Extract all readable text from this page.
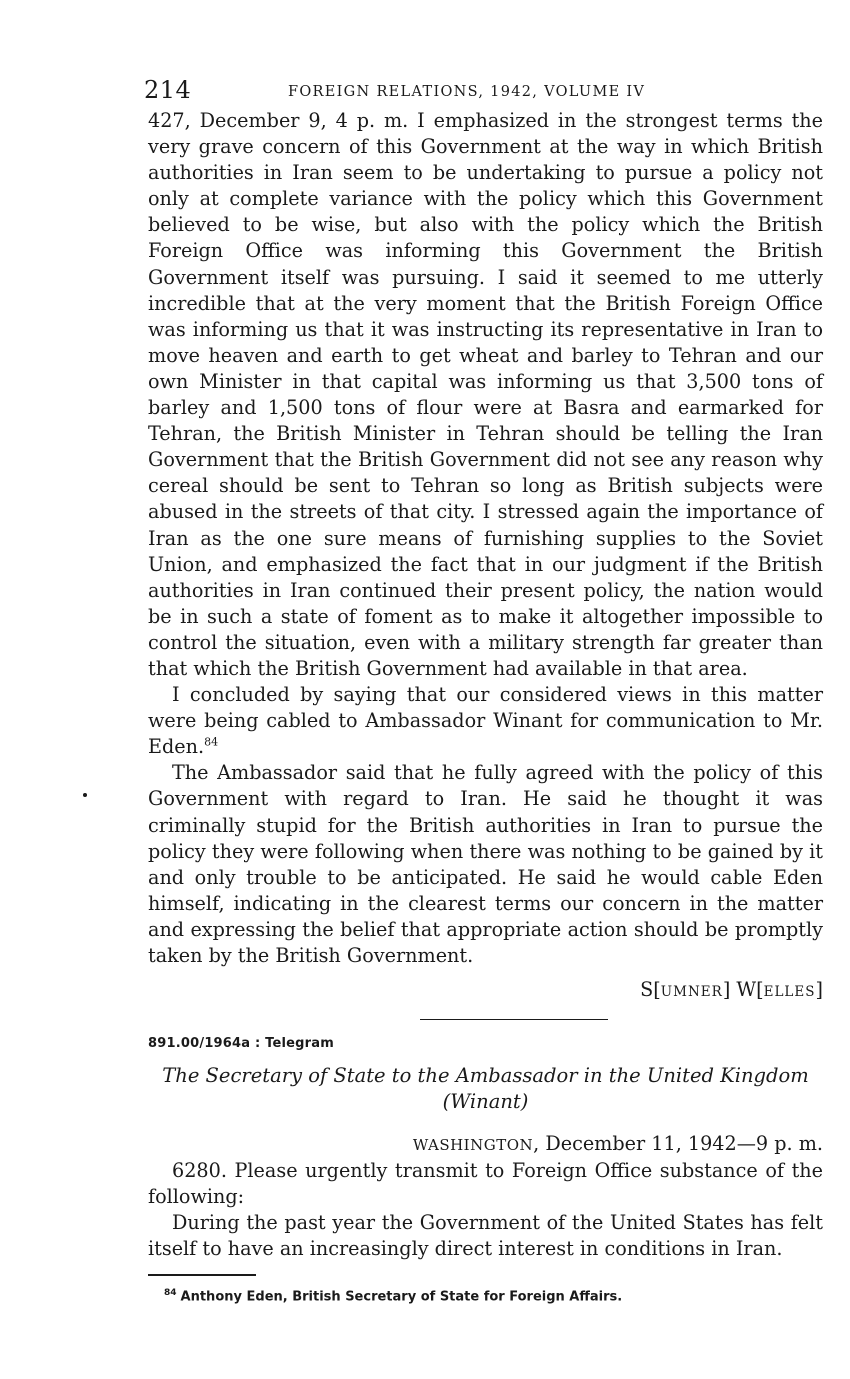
214	FOREIGN RELATIONS, 1942, VOLUME IV

427, December 9, 4 p. m. I emphasized in the strongest terms the very grave concern of this Government at the way in which British authorities in Iran seem to be undertaking to pursue a policy not only at complete variance with the policy which this Government believed to be wise, but also with the policy which the British Foreign Office was informing this Government the British Government itself was pursuing. I said it seemed to me utterly incredible that at the very moment that the British Foreign Office was informing us that it was instructing its representative in Iran to move heaven and earth to get wheat and barley to Tehran and our own Minister in that capital was informing us that 3,500 tons of barley and 1,500 tons of flour were at Basra and earmarked for Tehran, the British Minister in Tehran should be telling the Iran Government that the British Government did not see any reason why cereal should be sent to Tehran so long as British subjects were abused in the streets of that city. I stressed again the importance of Iran as the one sure means of furnishing supplies to the Soviet Union, and emphasized the fact that in our judgment if the British authorities in Iran continued their present policy, the nation would be in such a state of foment as to make it altogether impossible to control the situation, even with a military strength far greater than that which the British Government had available in that area.

I concluded by saying that our considered views in this matter were being cabled to Ambassador Winant for communication to Mr. Eden.$^{84}$

The Ambassador said that he fully agreed with the policy of this Government with regard to Iran. He said he thought it was criminally stupid for the British authorities in Iran to pursue the policy they were following when there was nothing to be gained by it and only trouble to be anticipated. He said he would cable Eden himself, indicating in the clearest terms our concern in the matter and expressing the belief that appropriate action should be promptly taken by the British Government.

S[UMNER] W[ELLES]
891.00/1964a : Telegram
The Secretary of State to the Ambassador in the United Kingdom
(Winant)
WASHINGTON, December 11, 1942—9 p. m.

6280. Please urgently transmit to Foreign Office substance of the following:

During the past year the Government of the United States has felt itself to have an increasingly direct interest in conditions in Iran.

$^{84}$ Anthony Eden, British Secretary of State for Foreign Affairs.
